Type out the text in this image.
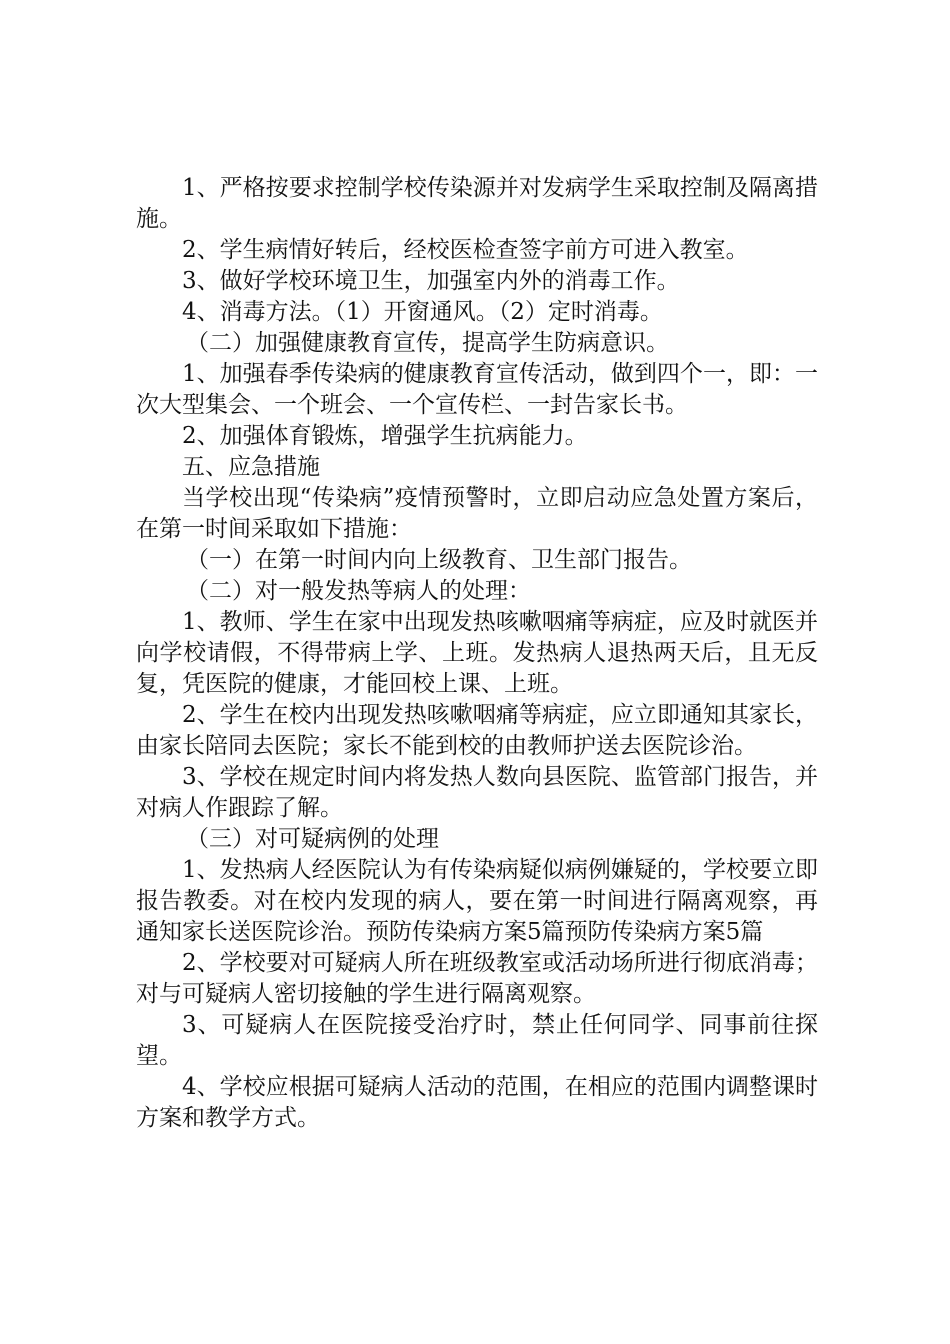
1、严格按要求控制学校传染源并对发病学生采取控制及隔离措施。

2、学生病情好转后，经校医检查签字前方可进入教室。

3、做好学校环境卫生，加强室内外的消毒工作。

4、消毒方法。（1）开窗通风。（2）定时消毒。

（二）加强健康教育宣传，提高学生防病意识。

1、加强春季传染病的健康教育宣传活动，做到四个一，即：一次大型集会、一个班会、一个宣传栏、一封告家长书。

2、加强体育锻炼，增强学生抗病能力。

五、应急措施

当学校出现“传染病”疫情预警时，立即启动应急处置方案后，在第一时间采取如下措施：

（一）在第一时间内向上级教育、卫生部门报告。

（二）对一般发热等病人的处理：

1、教师、学生在家中出现发热咳嗽咽痛等病症，应及时就医并向学校请假，不得带病上学、上班。发热病人退热两天后，且无反复，凭医院的健康，才能回校上课、上班。

2、学生在校内出现发热咳嗽咽痛等病症，应立即通知其家长，由家长陪同去医院；家长不能到校的由教师护送去医院诊治。

3、学校在规定时间内将发热人数向县医院、监管部门报告，并对病人作跟踪了解。

（三）对可疑病例的处理

1、发热病人经医院认为有传染病疑似病例嫌疑的，学校要立即报告教委。对在校内发现的病人，要在第一时间进行隔离观察，再通知家长送医院诊治。预防传染病方案5篇预防传染病方案5篇

2、学校要对可疑病人所在班级教室或活动场所进行彻底消毒；对与可疑病人密切接触的学生进行隔离观察。

3、可疑病人在医院接受治疗时，禁止任何同学、同事前往探望。

4、学校应根据可疑病人活动的范围，在相应的范围内调整课时方案和教学方式。
